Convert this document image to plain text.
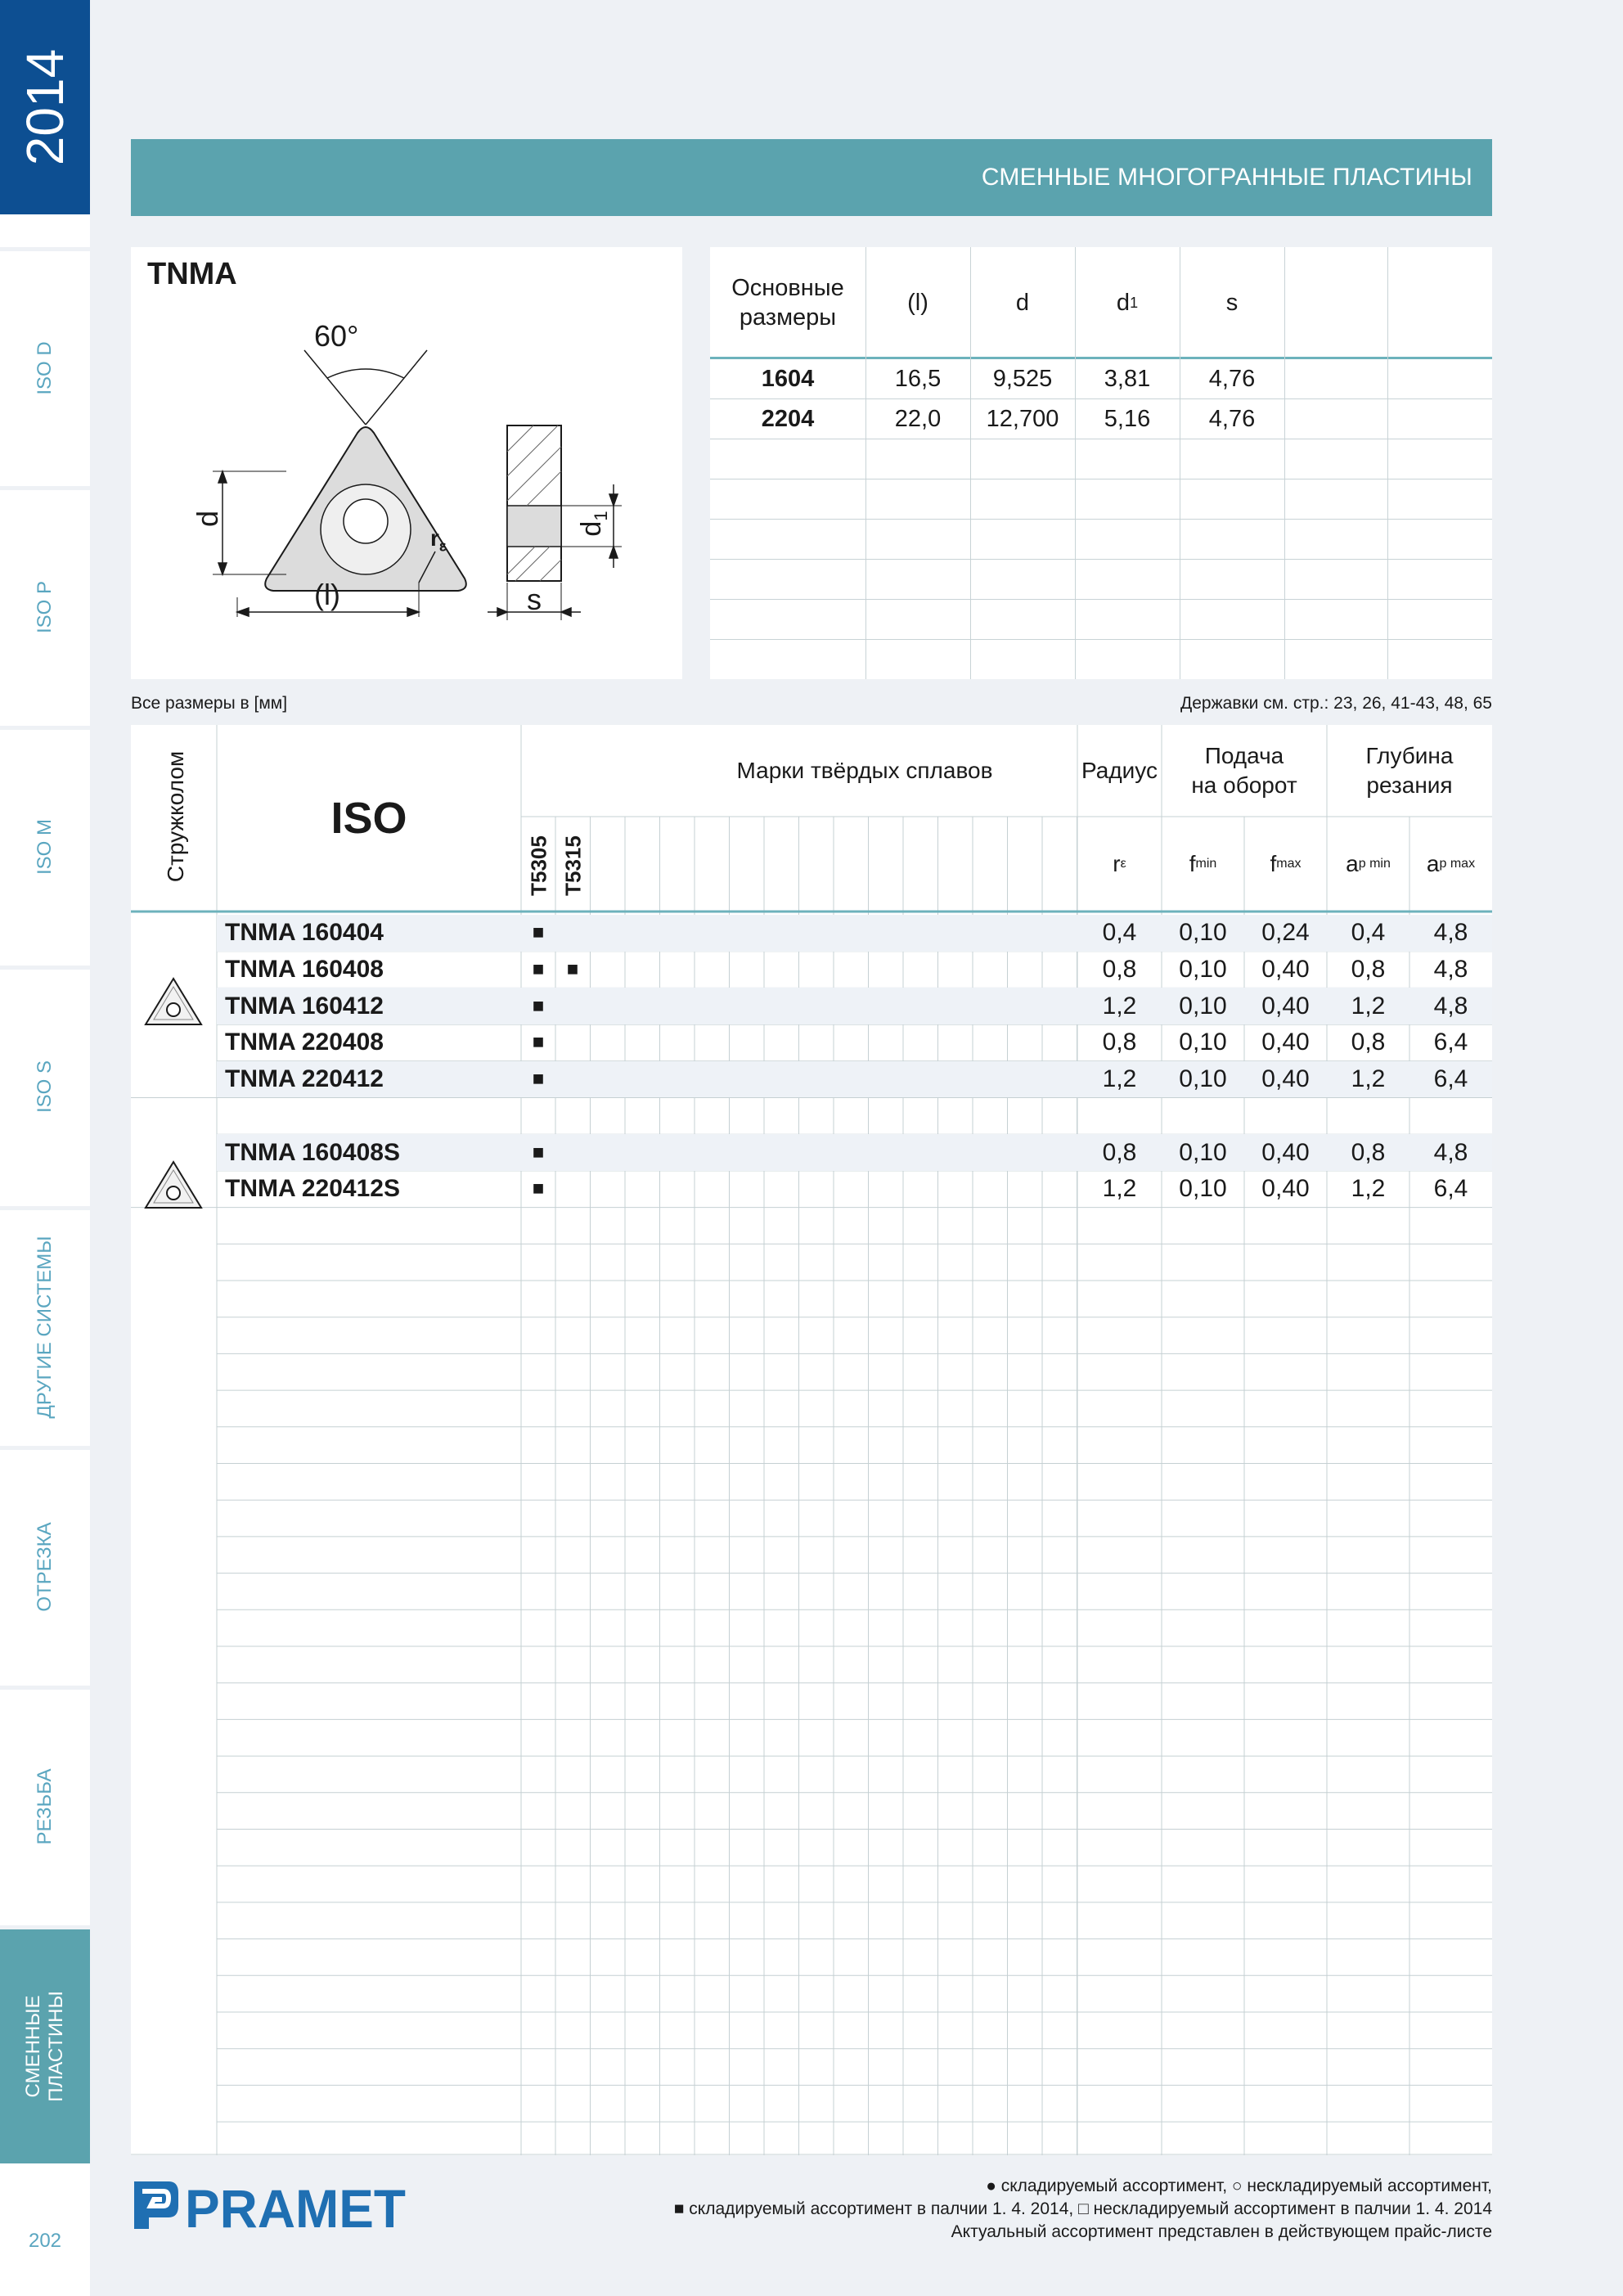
2014
ISO D
ISO P
ISO M
ISO S
ДРУГИЕ СИСТЕМЫ
ОТРЕЗКА
РЕЗЬБА
СМЕННЫЕ ПЛАСТИНЫ
202
СМЕННЫЕ МНОГОГРАННЫЕ ПЛАСТИНЫ
TNMA
60°
d
(l)
$r_\varepsilon$
$d_1$
s
Основные размеры
(l)	d	d 1	s
1604	16,5	9,525	3,81	4,76
2204	22,0	12,700	5,16	4,76
Все размеры в [мм]	Державки см. стр.: 23, 26, 41-43, 48, 65
Стружколом	ISO
Марки твёрдых сплавов
T5305 T5315
Радиус
Подача
на оборот
Глубина
резания
r ε	f min f max a p min a p max
TNMA 160404	■	0,4	0,10	0,24	0,4	4,8
TNMA 160408	■	■	0,8	0,10	0,40	0,8	4,8
TNMA 160412	■	1,2	0,10	0,40	1,2	4,8
TNMA 220408	■	0,8	0,10	0,40	0,8	6,4
TNMA 220412	■	1,2	0,10	0,40	1,2	6,4
TNMA 160408S	■	0,8	0,10	0,40	0,8	4,8
TNMA 220412S	■	1,2	0,10	0,40	1,2	6,4
PRAMET	● складируемый ассортимент, ○ нескладируемый ассортимент,
■ складируемый ассортимент в палчии 1. 4. 2014, □ нескладируемый ассортимент в палчии 1. 4. 2014
Актуальный ассортимент представлен в действующем прайс-листе
